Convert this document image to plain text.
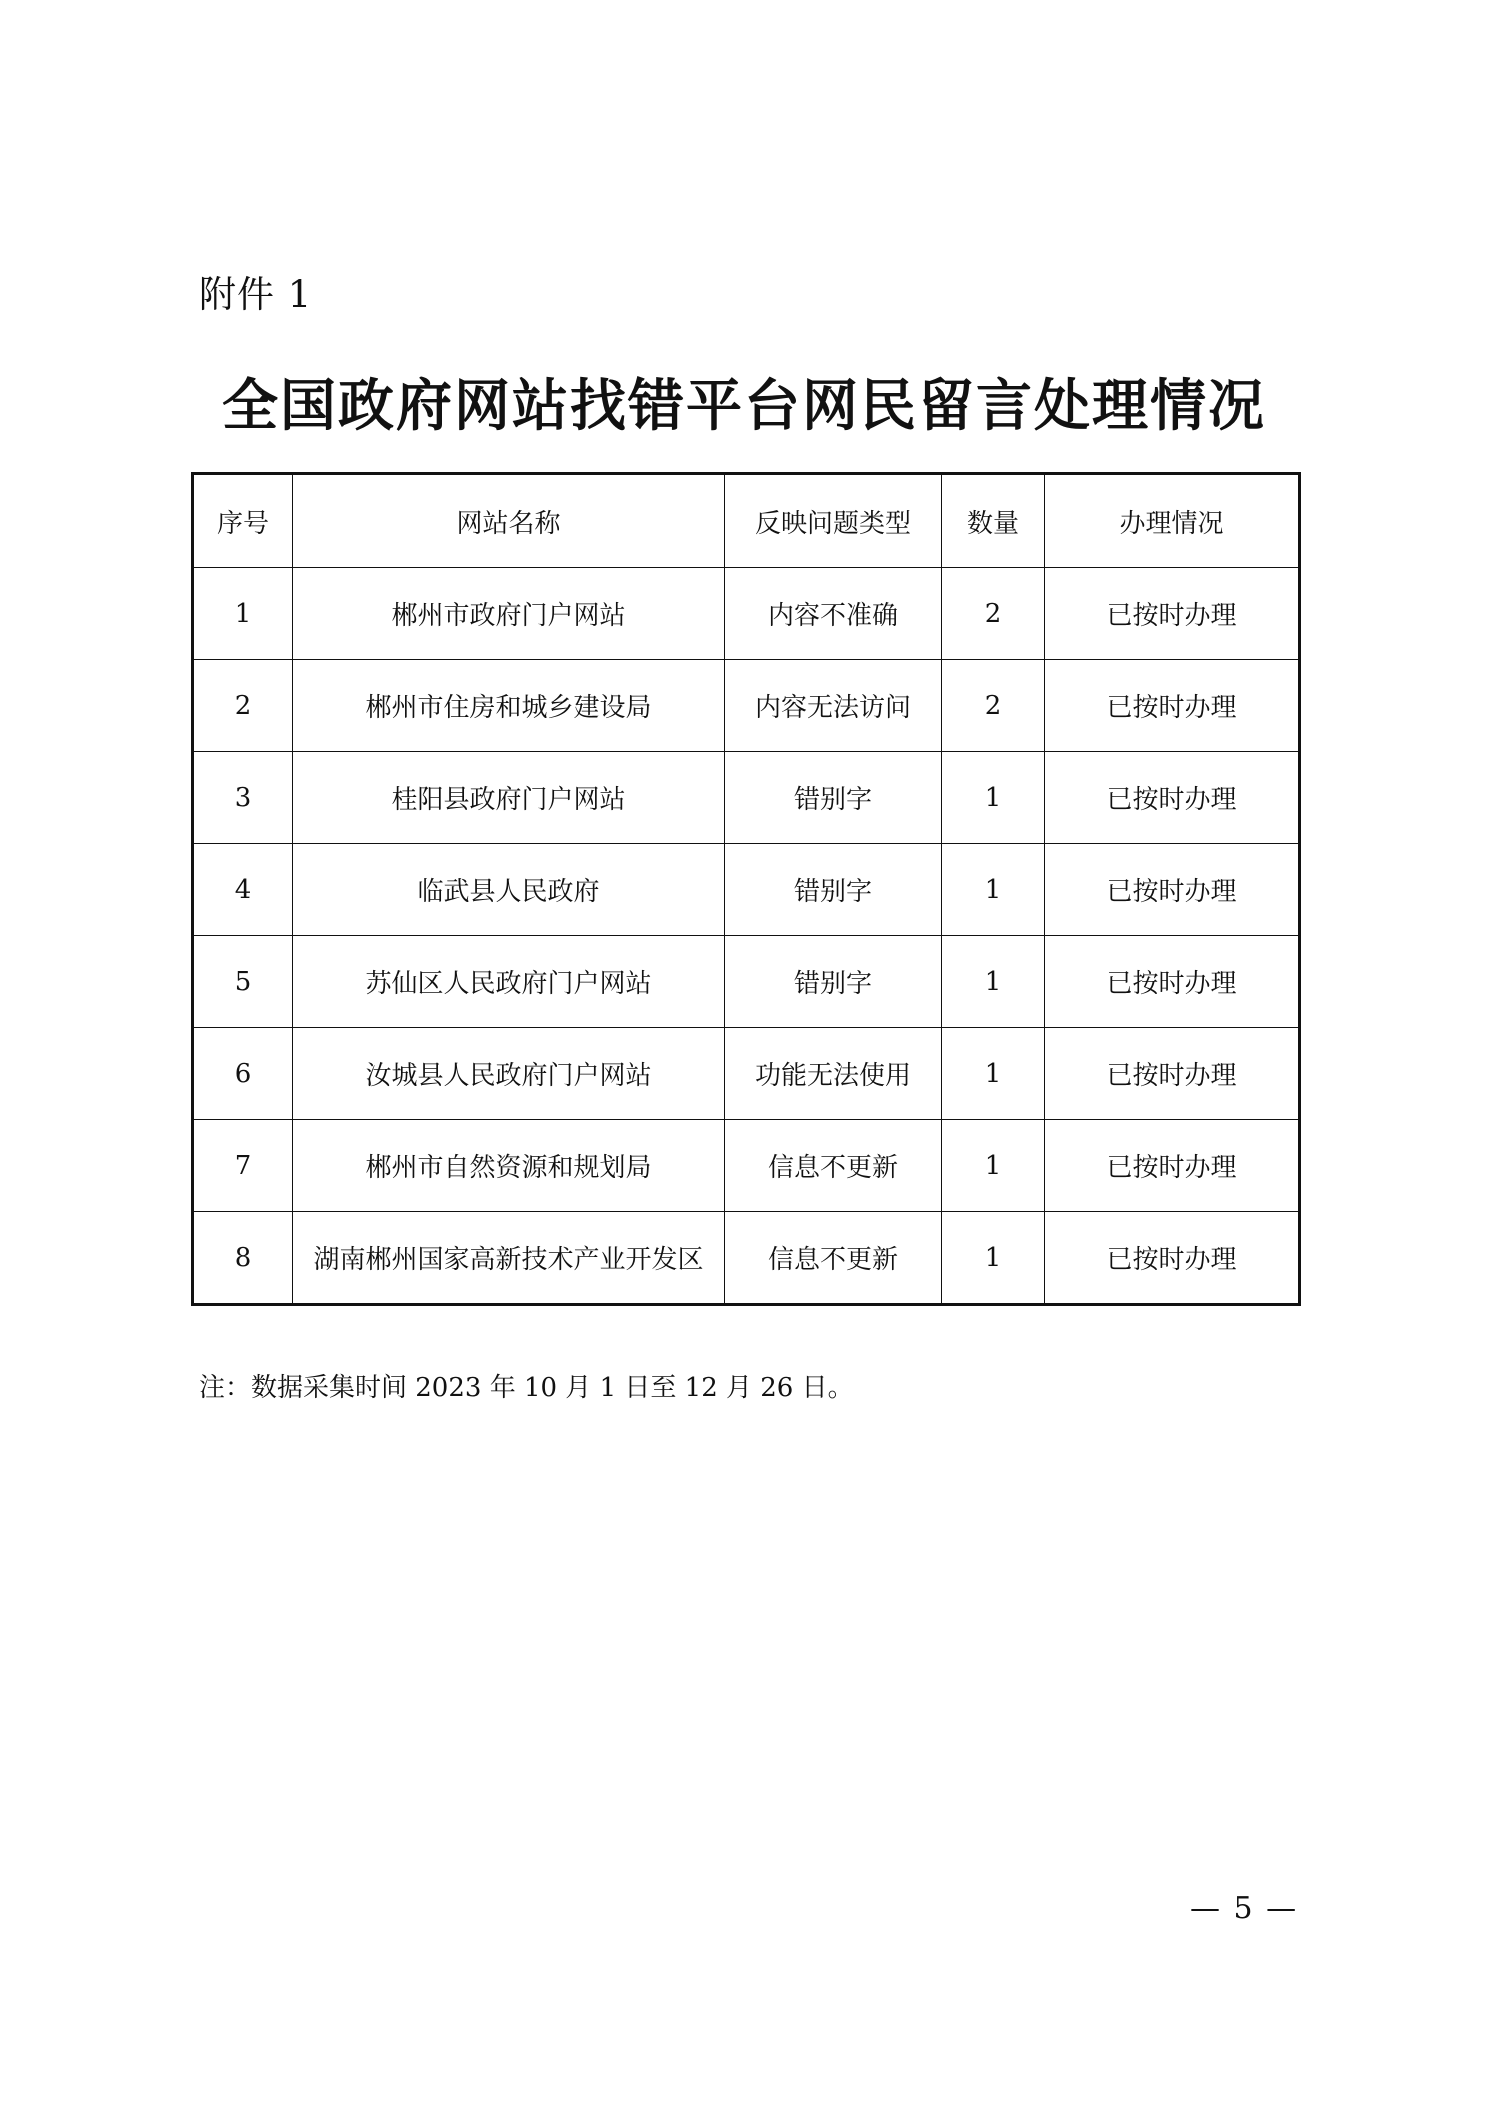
附件 1
全国政府网站找错平台网民留言处理情况
序号	网站名称	反映问题类型	数量	办理情况
1	郴州市政府门户网站	内容不准确	2	已按时办理
2	郴州市住房和城乡建设局	内容无法访问	2	已按时办理
3	桂阳县政府门户网站	错别字	1	已按时办理
4	临武县人民政府	错别字	1	已按时办理
5	苏仙区人民政府门户网站	错别字	1	已按时办理
6	汝城县人民政府门户网站	功能无法使用	1	已按时办理
7	郴州市自然资源和规划局	信息不更新	1	已按时办理
8	湖南郴州国家高新技术产业开发区	信息不更新	1	已按时办理
注：数据采集时间 2023 年 10 月 1 日至 12 月 26 日。
— 5 —
